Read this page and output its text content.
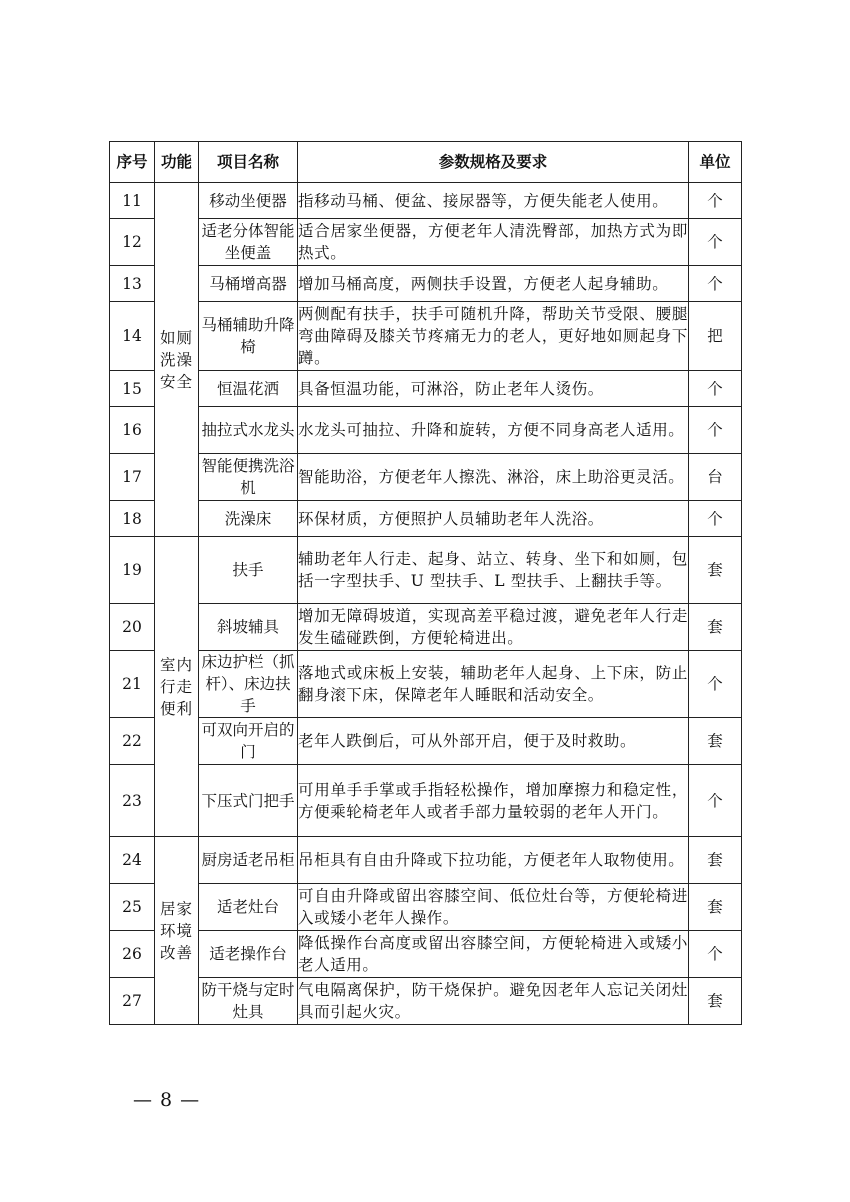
序号	功能	项目名称	参数规格及要求	单位
11	如厕洗澡安全	移动坐便器	指移动马桶、便盆、接尿器等，方便失能老人使用。	个
12		适老分体智能坐便盖	适合居家坐便器，方便老年人清洗臀部，加热方式为即热式。	个
13		马桶增高器	增加马桶高度，两侧扶手设置，方便老人起身辅助。	个
14		马桶辅助升降椅	两侧配有扶手，扶手可随机升降，帮助关节受限、腰腿弯曲障碍及膝关节疼痛无力的老人，更好地如厕起身下蹲。	把
15		恒温花洒	具备恒温功能，可淋浴，防止老年人烫伤。	个
16		抽拉式水龙头	水龙头可抽拉、升降和旋转，方便不同身高老人适用。	个
17		智能便携洗浴机	智能助浴，方便老年人擦洗、淋浴，床上助浴更灵活。	台
18		洗澡床	环保材质，方便照护人员辅助老年人洗浴。	个
19	室内行走便利	扶手	辅助老年人行走、起身、站立、转身、坐下和如厕，包括一字型扶手、U 型扶手、L 型扶手、上翻扶手等。	套
20		斜坡辅具	增加无障碍坡道，实现高差平稳过渡，避免老年人行走发生磕碰跌倒，方便轮椅进出。	套
21		床边护栏（抓杆）、床边扶手	落地式或床板上安装，辅助老年人起身、上下床，防止翻身滚下床，保障老年人睡眠和活动安全。	个
22		可双向开启的门	老年人跌倒后，可从外部开启，便于及时救助。	套
23		下压式门把手	可用单手手掌或手指轻松操作，增加摩擦力和稳定性，方便乘轮椅老年人或者手部力量较弱的老年人开门。	个
24	居家环境改善	厨房适老吊柜	吊柜具有自由升降或下拉功能，方便老年人取物使用。	套
25		适老灶台	可自由升降或留出容膝空间、低位灶台等，方便轮椅进入或矮小老年人操作。	套
26		适老操作台	降低操作台高度或留出容膝空间，方便轮椅进入或矮小老人适用。	个
27		防干烧与定时灶具	气电隔离保护，防干烧保护。避免因老年人忘记关闭灶具而引起火灾。	套
— 8 —
